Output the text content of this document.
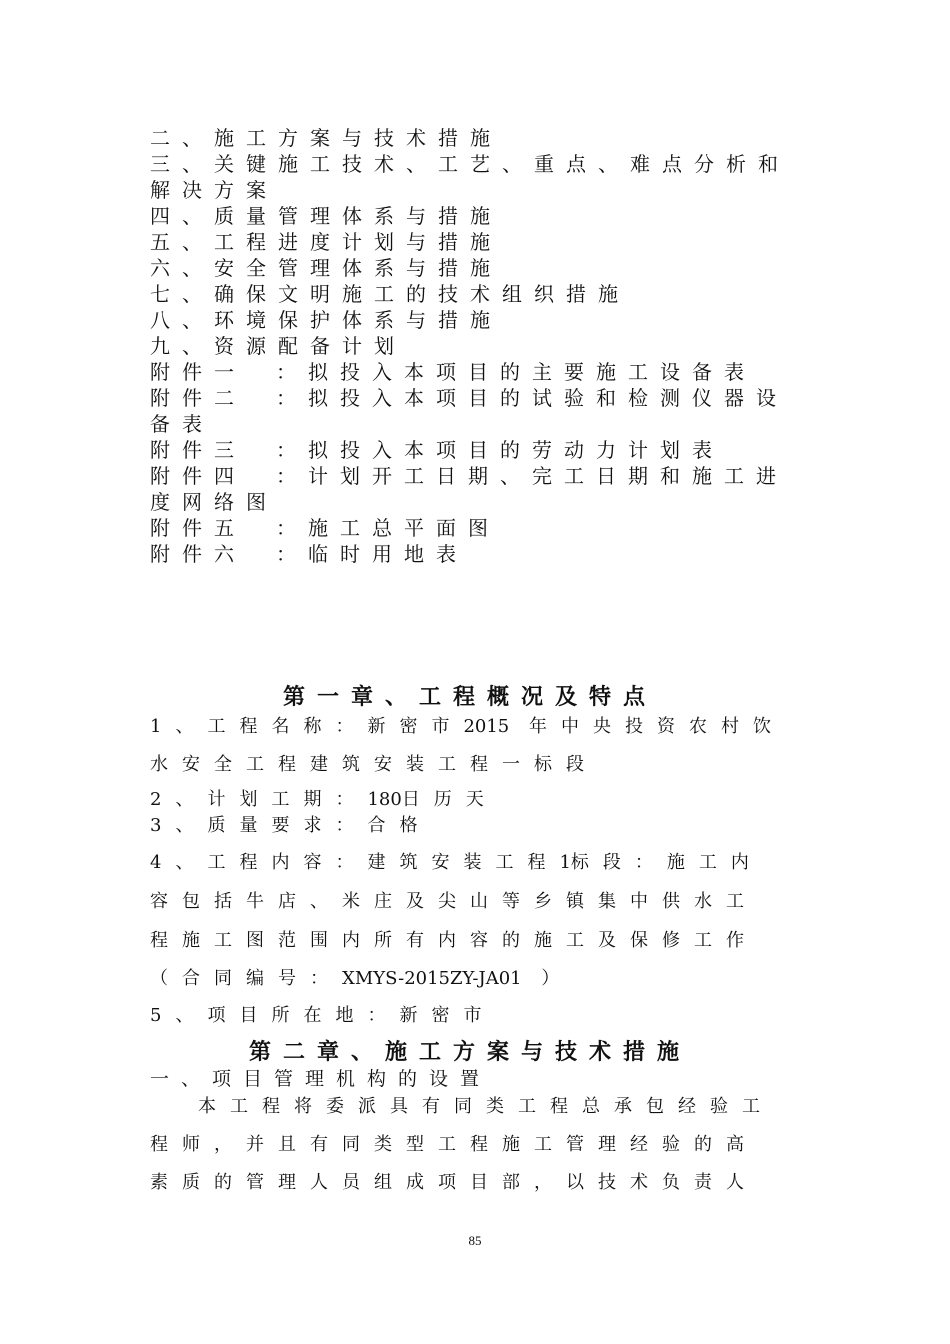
二、施工方案与技术措施
三、关键施工技术、工艺、重点、难点分析和解决方案
四、质量管理体系与措施
五、工程进度计划与措施
六、安全管理体系与措施
七、确保文明施工的技术组织措施
八、环境保护体系与措施
九、资源配备计划
附件一 ：拟投入本项目的主要施工设备表
附件二 ：拟投入本项目的试验和检测仪器设备表
附件三 ：拟投入本项目的劳动力计划表
附件四 ：计划开工日期、完工日期和施工进度网络图
附件五 ：施工总平面图
附件六 ：临时用地表
第一章、工程概况及特点

1、工程名称：新密市2015 年中央投资农村饮

水安全工程建筑安装工程一标段

2、计划工期：180日历天

3、质量要求：合格

4、工程内容：建筑安装工程1标段：施工内

容包括牛店、米庄及尖山等乡镇集中供水工

程施工图范围内所有内容的施工及保修工作

（合同编号：XMYS-2015ZY-JA01 ）

5、项目所在地：新密市

第二章、施工方案与技术措施

一、项目管理机构的设置

本工程将委派具有同类工程总承包经验工

程师，并且有同类型工程施工管理经验的高

素质的管理人员组成项目部，以技术负责人

85
